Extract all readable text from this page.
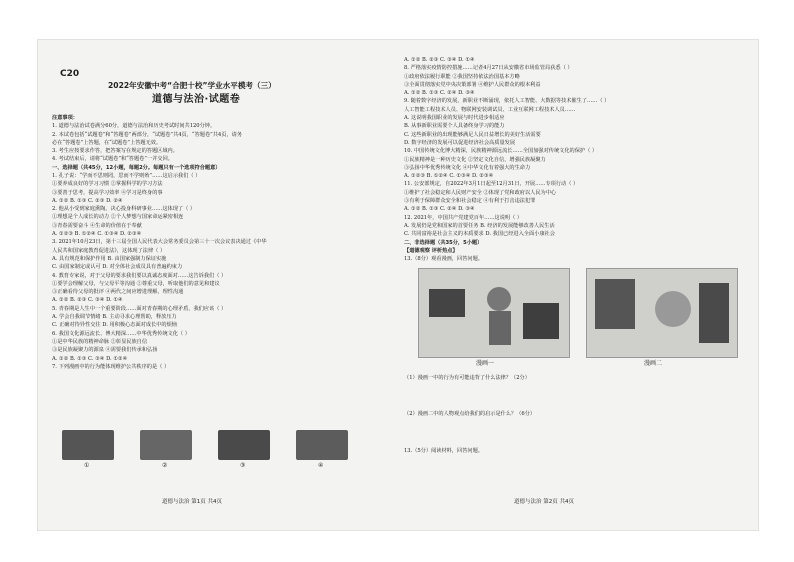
C20
2022年安徽中考“合肥十校”学业水平模考（三）
道德与法治·试题卷
注意事项：
1. 道德与法治试卷满分60分，道德与法治和历史考试时间共120分钟。
2. 本试卷包括“试题卷”和“答题卷”两部分，“试题卷”共4页，“答题卷”共4页，请务
必在“答题卷”上答题，在“试题卷”上答题无效。
3. 考生应按要求作答，把答案写在规定的答题区域内。
4. 考试结束后，请将“试题卷”和“答题卷”一并交回。
一、选择题（共45分，12小题，每题2分。每题只有一个选项符合题意）
1. 孔子说：“学而不思则罔，思而不学则殆”……这启示我们（ ）
①要养成良好的学习习惯 ②掌握科学的学习方法
③要善于思考，提高学习效率 ④学习是终身的事
A. ①② B. ①③ C. ②③ D. ②④
2. 他从小受到家庭熏陶，决心投身科研事业……这体现了（ ）
①理想是个人成长的动力 ②个人梦想与国家命运紧密相连
③青春需要奋斗 ④生命的价值在于奉献
A. ①②③ B. ①②④ C. ①③④ D. ②③④
3. 2021年10月23日，第十三届全国人民代表大会常务委员会第三十一次会议表决通过《中华
人民共和国家庭教育促进法》，这体现了法律（ ）
A. 具有规范和保护作用 B. 由国家强制力保证实施
C. 由国家制定或认可 D. 对全体社会成员具有普遍约束力
4. 教育专家说，对于父母的要求我们要以真诚态度面对……这告诉我们（ ）
①要学会理解父母，与父母平等沟通 ②尊重父母，听取他们的意见和建议
③正确看待父母的批评 ④两代之间应增进理解，理性沟通
A. ①② B. ②③ C. ③④ D. ①④
5. 青春期是人生中一个重要阶段……面对青春期的心理矛盾，我们应该（ ）
A. 学会自我调节情绪 B. 主动寻求心理帮助，释放压力
C. 正确对待异性交往 D. 用积极心态面对成长中的烦恼
6. 我国文化源远流长、博大精深……中华优秀传统文化（ ）
①是中华民族的精神命脉 ②彰显民族自信
③是民族凝聚力的源泉 ④需要我们传承和弘扬
A. ①② B. ①③ C. ③④ D. ①②④
7. 下列漫画中的行为能体现维护公共秩序的是（ ）
①	②	③	④
道德与法治 第1页 共4页
A. ①② B. ②③ C. ③④ D. ①④
8. 严格落实疫情防控措施……记者4月27日从安徽省市场监管局获悉（ ）
①政府依法履行职能 ②我国坚持依法治国基本方略
③全面贯彻落实党中央决策部署 ④维护人民群众的根本利益
A. ①② B. ①③ C. ②④ D. ③④
9. 随着数字经济的发展，新职业不断涌现，依托人工智能、大数据等技术催生了……（ ）
人工智能工程技术人员、物联网安装调试员、工业互联网工程技术人员……
A. 这说明我国职业的发展与时代进步相适应
B. 从事新职业需要个人具备终身学习的能力
C. 这些新职业的出现能够满足人民日益增长的美好生活需要
D. 数字经济的发展可以促进经济社会高质量发展
10. 中国传统文化博大精深，民族精神源远流长……全国加强对传统文化的保护（ ）
①民族精神是一种历史文化 ②坚定文化自信，增强民族凝聚力
③弘扬中华优秀传统文化 ④中华文化有着强大的生命力
A. ①②③ B. ①②④ C. ①③④ D. ②③④
11. 公安部规定，自2022年3月1日起至12月31日，开展……专项行动（ ）
①维护了社会稳定和人民财产安全 ②体现了党和政府以人民为中心
③有利于保障群众安全和社会稳定 ④有利于打击违法犯罪
A. ①② B. ①③ C. ②④ D. ③④
12. 2021年，中国共产党建党百年……这说明（ ）
A. 发展仍是党和国家的首要任务 B. 经济的发展能够改善人民生活
C. 共同富裕是社会主义的本质要求 D. 我国已经进入全面小康社会
二、非选择题（共35分，5小题）
【道德观察 评析热点】
13.（8分）观看漫画，回答问题。
漫画一	漫画二
（1）漫画一中的行为有可能违背了什么法律？（2分）
（2）漫画二中的人物观点给我们的启示是什么？（6分）
13.（5分）阅读材料，回答问题。
道德与法治 第2页 共4页
